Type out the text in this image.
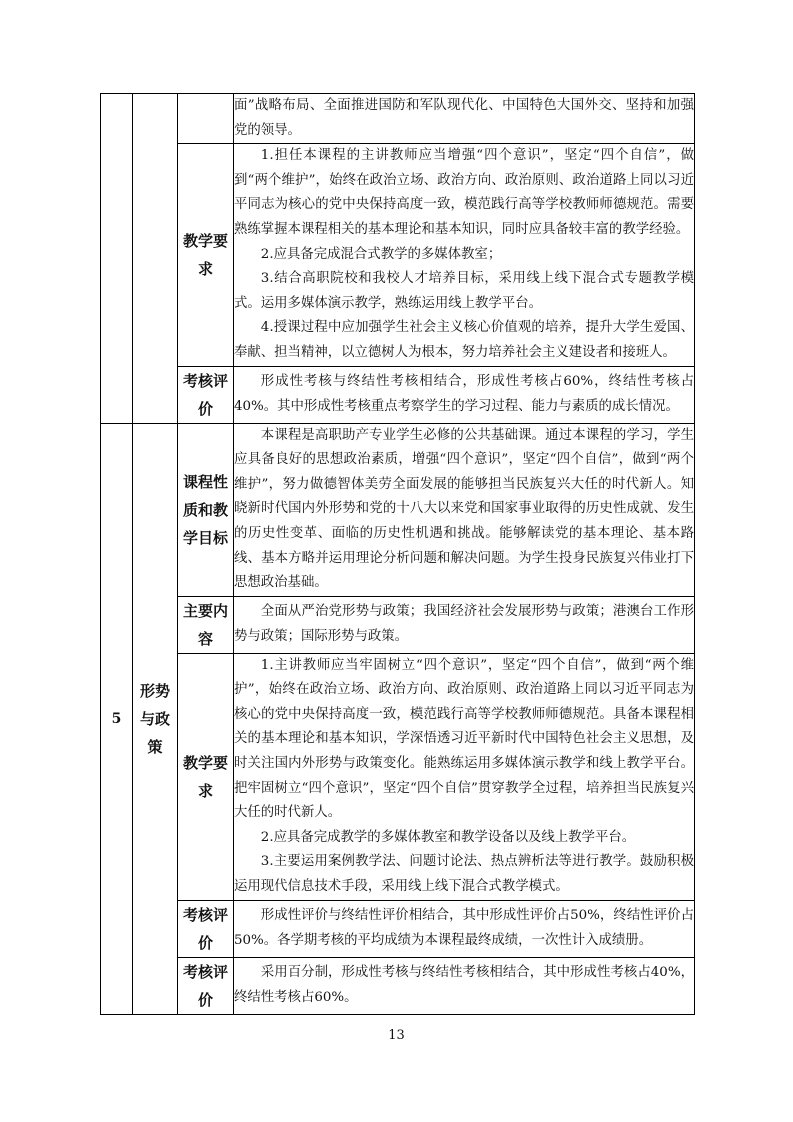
			面”战略布局、全面推进国防和军队现代化、中国特色大国外交、坚持和加强党的领导。

		教学要求	1.担任本课程的主讲教师应当增强“四个意识”，坚定“四个自信”，做到“两个维护”，始终在政治立场、政治方向、政治原则、政治道路上同以习近平同志为核心的党中央保持高度一致，模范践行高等学校教师师德规范。需要熟练掌握本课程相关的基本理论和基本知识，同时应具备较丰富的教学经验。

2.应具备完成混合式教学的多媒体教室；

3.结合高职院校和我校人才培养目标，采用线上线下混合式专题教学模式。运用多媒体演示教学，熟练运用线上教学平台。

4.授课过程中应加强学生社会主义核心价值观的培养，提升大学生爱国、奉献、担当精神，以立德树人为根本，努力培养社会主义建设者和接班人。

		考核评价	形成性考核与终结性考核相结合，形成性考核占60%，终结性考核占40%。其中形成性考核重点考察学生的学习过程、能力与素质的成长情况。

5	形势与政策	课程性质和教学目标	本课程是高职助产专业学生必修的公共基础课。通过本课程的学习，学生应具备良好的思想政治素质，增强“四个意识”，坚定“四个自信”，做到“两个维护”，努力做德智体美劳全面发展的能够担当民族复兴大任的时代新人。知晓新时代国内外形势和党的十八大以来党和国家事业取得的历史性成就、发生的历史性变革、面临的历史性机遇和挑战。能够解读党的基本理论、基本路线、基本方略并运用理论分析问题和解决问题。为学生投身民族复兴伟业打下思想政治基础。

		主要内容	全面从严治党形势与政策；我国经济社会发展形势与政策；港澳台工作形势与政策；国际形势与政策。

		教学要求	1.主讲教师应当牢固树立“四个意识”，坚定“四个自信”，做到“两个维护”，始终在政治立场、政治方向、政治原则、政治道路上同以习近平同志为核心的党中央保持高度一致，模范践行高等学校教师师德规范。具备本课程相关的基本理论和基本知识，学深悟透习近平新时代中国特色社会主义思想，及时关注国内外形势与政策变化。能熟练运用多媒体演示教学和线上教学平台。把牢固树立“四个意识”，坚定“四个自信”贯穿教学全过程，培养担当民族复兴大任的时代新人。

2.应具备完成教学的多媒体教室和教学设备以及线上教学平台。

3.主要运用案例教学法、问题讨论法、热点辨析法等进行教学。鼓励积极运用现代信息技术手段，采用线上线下混合式教学模式。

		考核评价	形成性评价与终结性评价相结合，其中形成性评价占50%，终结性评价占50%。各学期考核的平均成绩为本课程最终成绩，一次性计入成绩册。

		考核评价	采用百分制，形成性考核与终结性考核相结合，其中形成性考核占40%，终结性考核占60%。

13
